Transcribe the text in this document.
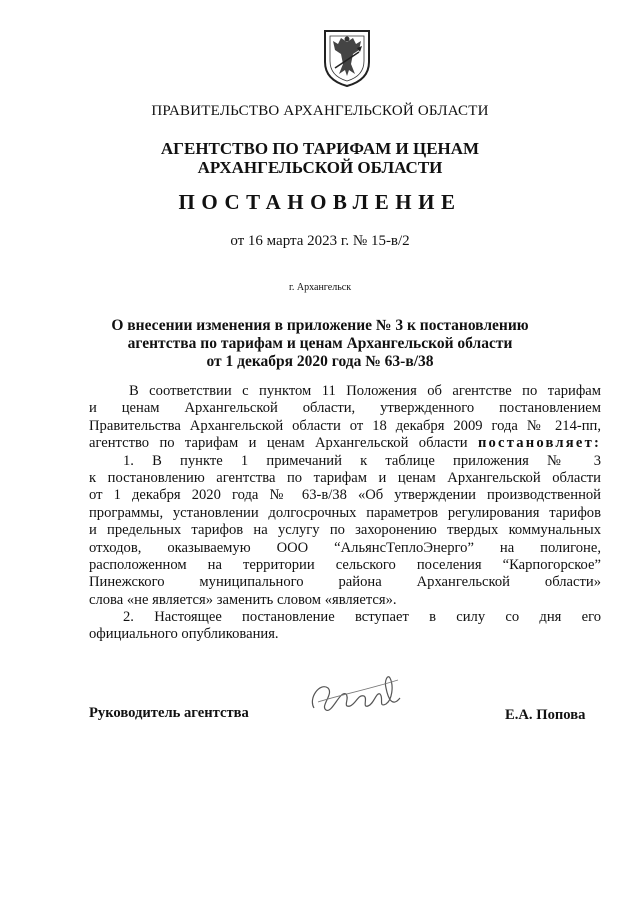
ПРАВИТЕЛЬСТВО АРХАНГЕЛЬСКОЙ ОБЛАСТИ
АГЕНТСТВО ПО ТАРИФАМ И ЦЕНАМ
АРХАНГЕЛЬСКОЙ ОБЛАСТИ
ПОСТАНОВЛЕНИЕ
от 16 марта 2023 г. № 15-в/2
г. Архангельск
О внесении изменения в приложение № 3 к постановлению
агентства по тарифам и ценам Архангельской области
от 1 декабря 2020 года № 63-в/38
В соответствии с пунктом 11 Положения об агентстве по тарифам
и ценам Архангельской области, утвержденного постановлением
Правительства Архангельской области от 18 декабря 2009 года № 214-пп,
агентство по тарифам и ценам Архангельской области постановляет:
1. В пункте 1 примечаний к таблице приложения № 3
к постановлению агентства по тарифам и ценам Архангельской области
от 1 декабря 2020 года № 63-в/38 «Об утверждении производственной
программы, установлении долгосрочных параметров регулирования тарифов
и предельных тарифов на услугу по захоронению твердых коммунальных
отходов, оказываемую ООО “АльянсТеплоЭнерго” на полигоне,
расположенном на территории сельского поселения “Карпогорское”
Пинежского муниципального района Архангельской области»
слова «не является» заменить словом «является».
2. Настоящее постановление вступает в силу со дня его
официального опубликования.
Руководитель агентства	Е.А. Попова
